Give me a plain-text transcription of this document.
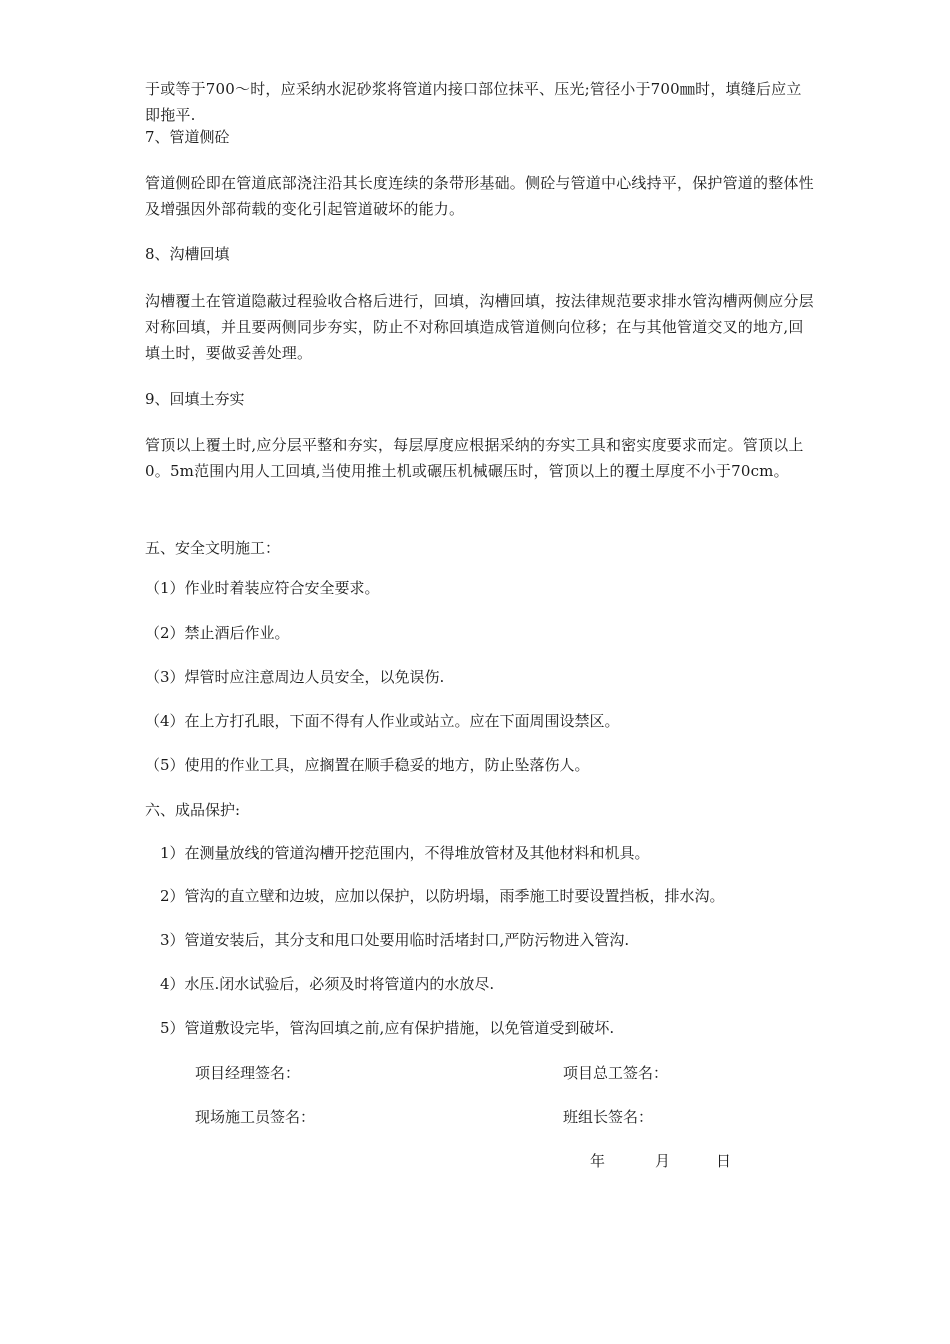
于或等于700～时，应采纳水泥砂浆将管道内接口部位抹平、压光;管径小于700㎜时，填缝后应立即拖平.

7、管道侧砼

管道侧砼即在管道底部浇注沿其长度连续的条带形基础。侧砼与管道中心线持平，保护管道的整体性及增强因外部荷载的变化引起管道破坏的能力。

8、沟槽回填

沟槽覆土在管道隐蔽过程验收合格后进行，回填，沟槽回填，按法律规范要求排水管沟槽两侧应分层对称回填，并且要两侧同步夯实，防止不对称回填造成管道侧向位移；在与其他管道交叉的地方,回填土时，要做妥善处理。

9、回填土夯实

管顶以上覆土时,应分层平整和夯实，每层厚度应根据采纳的夯实工具和密实度要求而定。管顶以上0。5m范围内用人工回填,当使用推土机或碾压机械碾压时，管顶以上的覆土厚度不小于70cm。

五、安全文明施工：

（1）作业时着装应符合安全要求。

（2）禁止酒后作业。

（3）焊管时应注意周边人员安全，以免误伤.

（4）在上方打孔眼，下面不得有人作业或站立。应在下面周围设禁区。

（5）使用的作业工具，应搁置在顺手稳妥的地方，防止坠落伤人。

六、成品保护:

1）在测量放线的管道沟槽开挖范围内，不得堆放管材及其他材料和机具。

2）管沟的直立壁和边坡，应加以保护，以防坍塌，雨季施工时要设置挡板，排水沟。

3）管道安装后，其分支和甩口处要用临时活堵封口,严防污物进入管沟.

4）水压.闭水试验后，必须及时将管道内的水放尽.

5）管道敷设完毕，管沟回填之前,应有保护措施，以免管道受到破坏.

项目经理签名：	项目总工签名：
现场施工员签名：	班组长签名：
年	月	日
